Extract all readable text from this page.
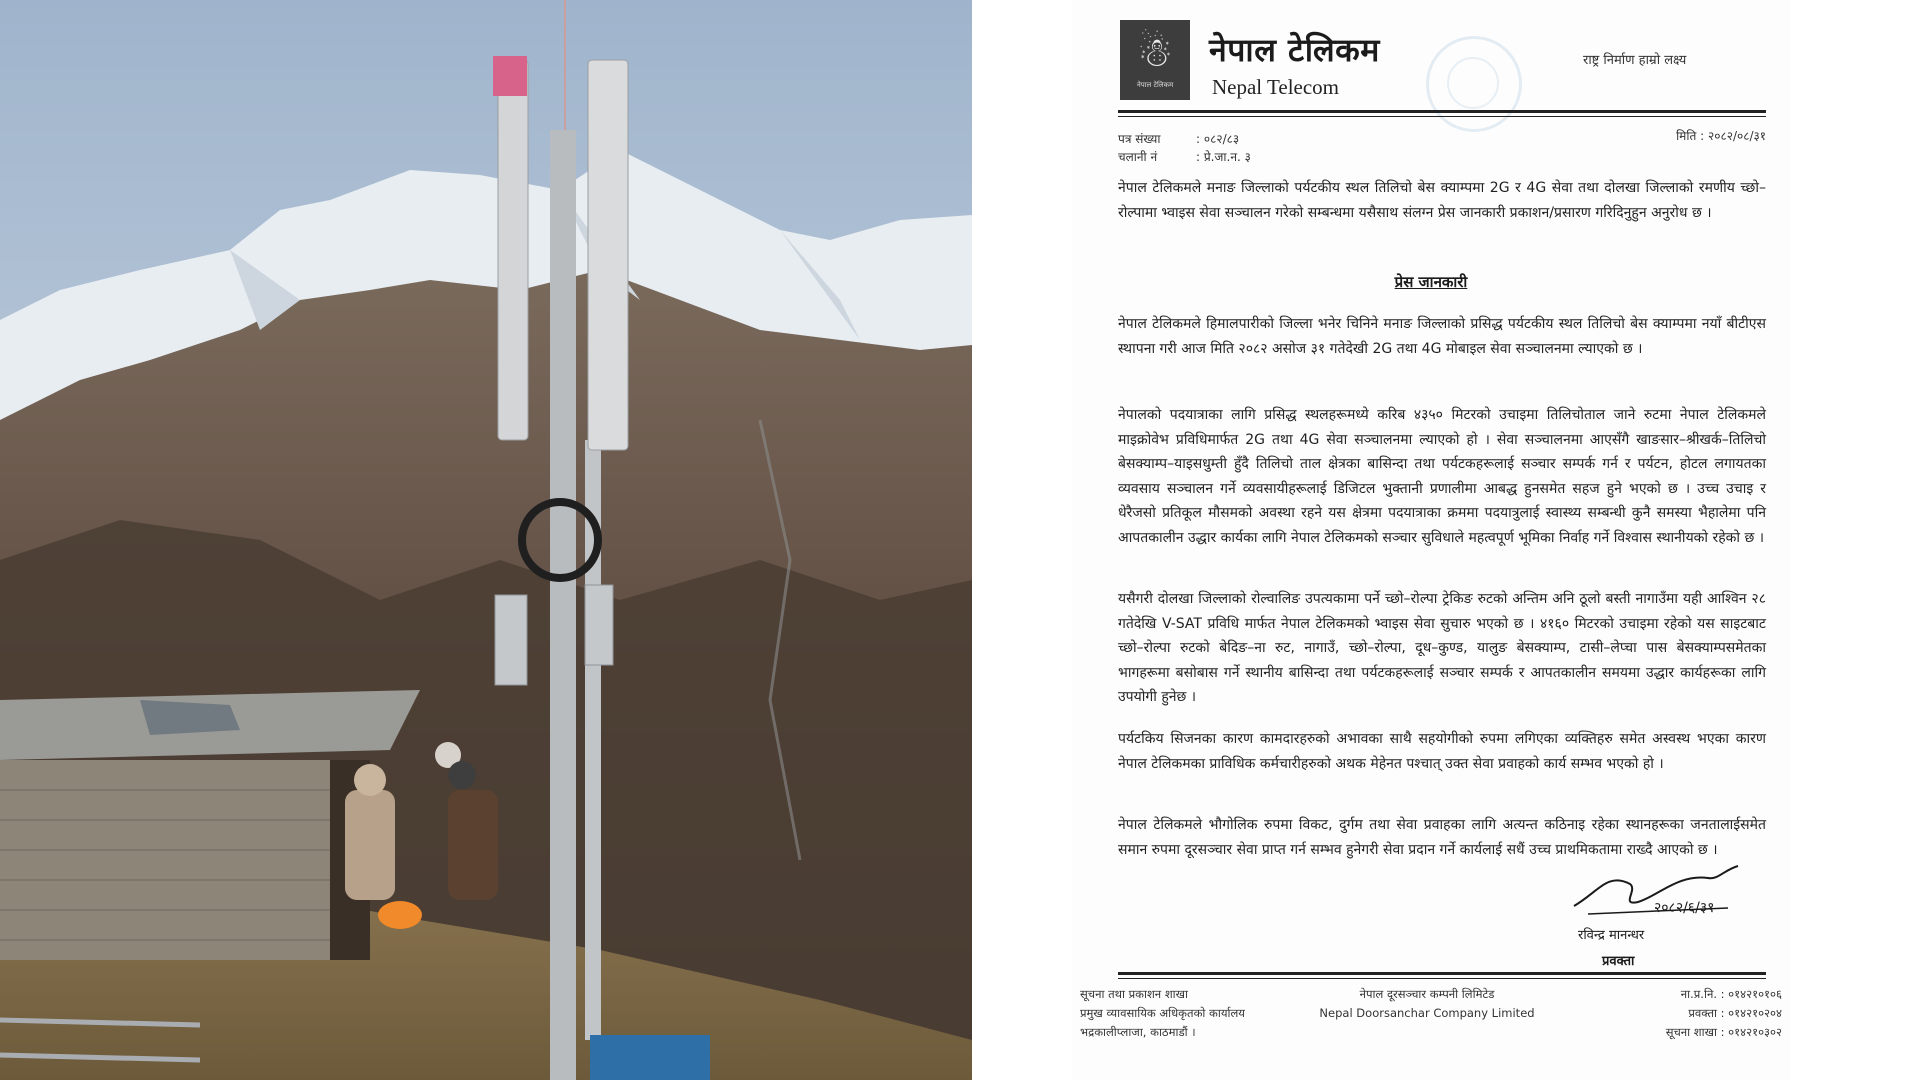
☃
नेपाल टेलिकम
नेपाल टेलिकम
Nepal Telecom
राष्ट्र निर्माण हाम्रो लक्ष्य
पत्र संख्या	: ०८२/८३
चलानी नं	: प्रे.जा.न. ३
मिति : २०८२/०८/३१
नेपाल टेलिकमले मनाङ जिल्लाको पर्यटकीय स्थल तिलिचो बेस क्याम्पमा 2G र 4G सेवा तथा दोलखा जिल्लाको रमणीय च्छो–रोल्पामा भ्वाइस सेवा सञ्चालन गरेको सम्बन्धमा यसैसाथ संलग्न प्रेस जानकारी प्रकाशन/प्रसारण गरिदिनुहुन अनुरोध छ ।
प्रेस जानकारी
नेपाल टेलिकमले हिमालपारीको जिल्ला भनेर चिनिने मनाङ जिल्लाको प्रसिद्ध पर्यटकीय स्थल तिलिचो बेस क्याम्पमा नयाँ बीटीएस स्थापना गरी आज मिति २०८२ असोज ३१ गतेदेखी 2G तथा 4G मोबाइल सेवा सञ्चालनमा ल्याएको छ ।
नेपालको पदयात्राका लागि प्रसिद्ध स्थलहरूमध्ये करिब ४३५० मिटरको उचाइमा तिलिचोताल जाने रुटमा नेपाल टेलिकमले माइक्रोवेभ प्रविधिमार्फत 2G तथा 4G सेवा सञ्चालनमा ल्याएको हो । सेवा सञ्चालनमा आएसँगै खाङसार–श्रीखर्क–तिलिचो बेसक्याम्प–याइसधुम्ती हुँदै तिलिचो ताल क्षेत्रका बासिन्दा तथा पर्यटकहरूलाई सञ्चार सम्पर्क गर्न र पर्यटन, होटल लगायतका व्यवसाय सञ्चालन गर्ने व्यवसायीहरूलाई डिजिटल भुक्तानी प्रणालीमा आबद्ध हुनसमेत सहज हुने भएको छ । उच्च उचाइ र धेरैजसो प्रतिकूल मौसमको अवस्था रहने यस क्षेत्रमा पदयात्राका क्रममा पदयात्रुलाई स्वास्थ्य सम्बन्धी कुनै समस्या भैहालेमा पनि आपतकालीन उद्धार कार्यका लागि नेपाल टेलिकमको सञ्चार सुविधाले महत्वपूर्ण भूमिका निर्वाह गर्ने विश्वास स्थानीयको रहेको छ ।
यसैगरी दोलखा जिल्लाको रोल्वालिङ उपत्यकामा पर्ने च्छो–रोल्पा ट्रेकिङ रुटको अन्तिम अनि ठूलो बस्ती नागाउँमा यही आश्विन २८ गतेदेखि V-SAT प्रविधि मार्फत नेपाल टेलिकमको भ्वाइस सेवा सुचारु भएको छ । ४१६० मिटरको उचाइमा रहेको यस साइटबाट च्छो–रोल्पा रुटको बेदिङ–ना रुट, नागाउँ, च्छो–रोल्पा, दूध–कुण्ड, यालुङ बेसक्याम्प, टासी–लेप्चा पास बेसक्याम्पसमेतका भागहरूमा बसोबास गर्ने स्थानीय बासिन्दा तथा पर्यटकहरूलाई सञ्चार सम्पर्क र आपतकालीन समयमा उद्धार कार्यहरूका लागि उपयोगी हुनेछ ।
पर्यटकिय सिजनका कारण कामदारहरुको अभावका साथै सहयोगीको रुपमा लगिएका व्यक्तिहरु समेत अस्वस्थ भएका कारण नेपाल टेलिकमका प्राविधिक कर्मचारीहरुको अथक मेहेनत पश्चात् उक्त सेवा प्रवाहको कार्य सम्भव भएको हो ।
नेपाल टेलिकमले भौगोलिक रुपमा विकट, दुर्गम तथा सेवा प्रवाहका लागि अत्यन्त कठिनाइ रहेका स्थानहरूका जनतालाईसमेत समान रुपमा दूरसञ्चार सेवा प्राप्त गर्न सम्भव हुनेगरी सेवा प्रदान गर्ने कार्यलाई सधैं उच्च प्राथमिकतामा राख्दै आएको छ ।
२०८२/६/३१
रविन्द्र मानन्धर
प्रवक्ता
सूचना तथा प्रकाशन शाखा
प्रमुख व्यावसायिक अधिकृतको कार्यालय
भद्रकालीप्लाजा, काठमाडौं ।
नेपाल दूरसञ्चार कम्पनी लिमिटेड
Nepal Doorsanchar Company Limited
ना.प्र.नि. : ०१४२१०१०६
प्रवक्ता : ०१४२१०२०४
सूचना शाखा : ०१४२१०३०२
